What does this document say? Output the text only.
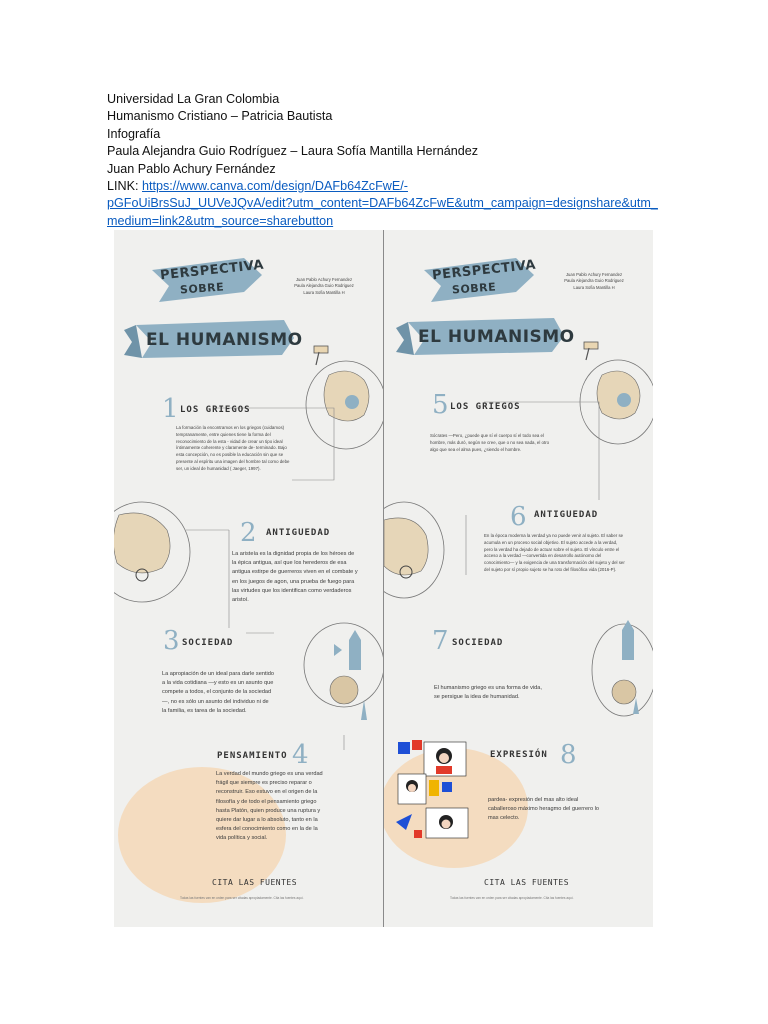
Universidad La Gran Colombia
Humanismo Cristiano – Patricia Bautista
Infografía
Paula Alejandra Guio Rodríguez – Laura Sofía Mantilla Hernández
Juan Pablo Achury Fernández
LINK: https://www.canva.com/design/DAFb64ZcFwE/-
pGFoUiBrsSuJ_UUVeJQvA/edit?utm_content=DAFb64ZcFwE&utm_campaign=designshare&utm_
medium=link2&utm_source=sharebutton
PERSPECTIVA
SOBRE
EL HUMANISMO
Juan Pablo Achury Fernandez
Paula Alejandra Guio Rodriguez
Laura Sofia Mantilla H
1 LOS GRIEGOS
La formación la encontramos en los griegos (cuidamos) tempranamente, entre quienes tiene la forma del reconocimiento de la esta - vidad de crear un tipo ideal íntimamente coherente y claramente de- terminado. Bajo esta concepción, no es posible la educación sin que se presente al espíritu una imagen del hombre tal como debe ser, un ideal de humanidad ( Jaeger, 1997).
2 ANTIGUEDAD
La aristeía es la dignidad propia de los héroes de la épica antigua, así que los herederos de esa antigua estirpe de guerreros viven en el combate y en los juegos de agon, una prueba de fuego para las virtudes que los identifican como verdaderos aristoí.
3 SOCIEDAD
La apropiación de un ideal para darle sentido a la vida cotidiana —y esto es un asunto que compete a todos, el conjunto de la sociedad—, no es sólo un asunto del individuo ni de la familia, es tarea de la sociedad.
PENSAMIENTO 4
La verdad del mundo griego es una verdad frágil que siempre es preciso reparar o reconstruir. Eso estuvo en el origen de la filosofía y de todo el pensamiento griego hasta Platón, quien produce una ruptura y quiere dar lugar a lo absoluto, tanto en la esfera del conocimiento como en la de la vida política y social.
CITA LAS FUENTES
Todas las fuentes van en orden para ser citadas apropiadamente. Cita las fuentes aquí.
PERSPECTIVA
SOBRE
EL HUMANISMO
Juan Pablo Achury Fernandez
Paula Alejandra Guio Rodriguez
Laura Sofia Mantilla H
5 LOS GRIEGOS
Sócrates —Pero, ¿puede que sí el cuerpo sí el todo sea el hombre, más duró, según se cree, que o no sea nada, el otro algo que sea el alma pues, ¿siendo el hombre.
6 ANTIGUEDAD
En la época moderna la verdad ya no puede venir al sujeto. El saber se acumula en un proceso social objetivo. El sujeto accede a la verdad, pero la verdad ha dejado de actuar sobre el sujeto. El vínculo entre el acceso a la verdad —convertida en desarrollo autónomo del conocimiento— y la exigencia de una transformación del sujeto y del ser del sujeto por sí propio sujeto se ha roto del filosófica vida (2016-P).
7 SOCIEDAD
El humanismo griego es una forma de vida, se persigue la idea de humanidad.
EXPRESIÓN 8
pardea- expresión del mas alto ideal caballeroso máximo heragmo del guerrero lo mas celecto.
CITA LAS FUENTES
Todas las fuentes van en orden para ser citadas apropiadamente. Cita las fuentes aquí.
